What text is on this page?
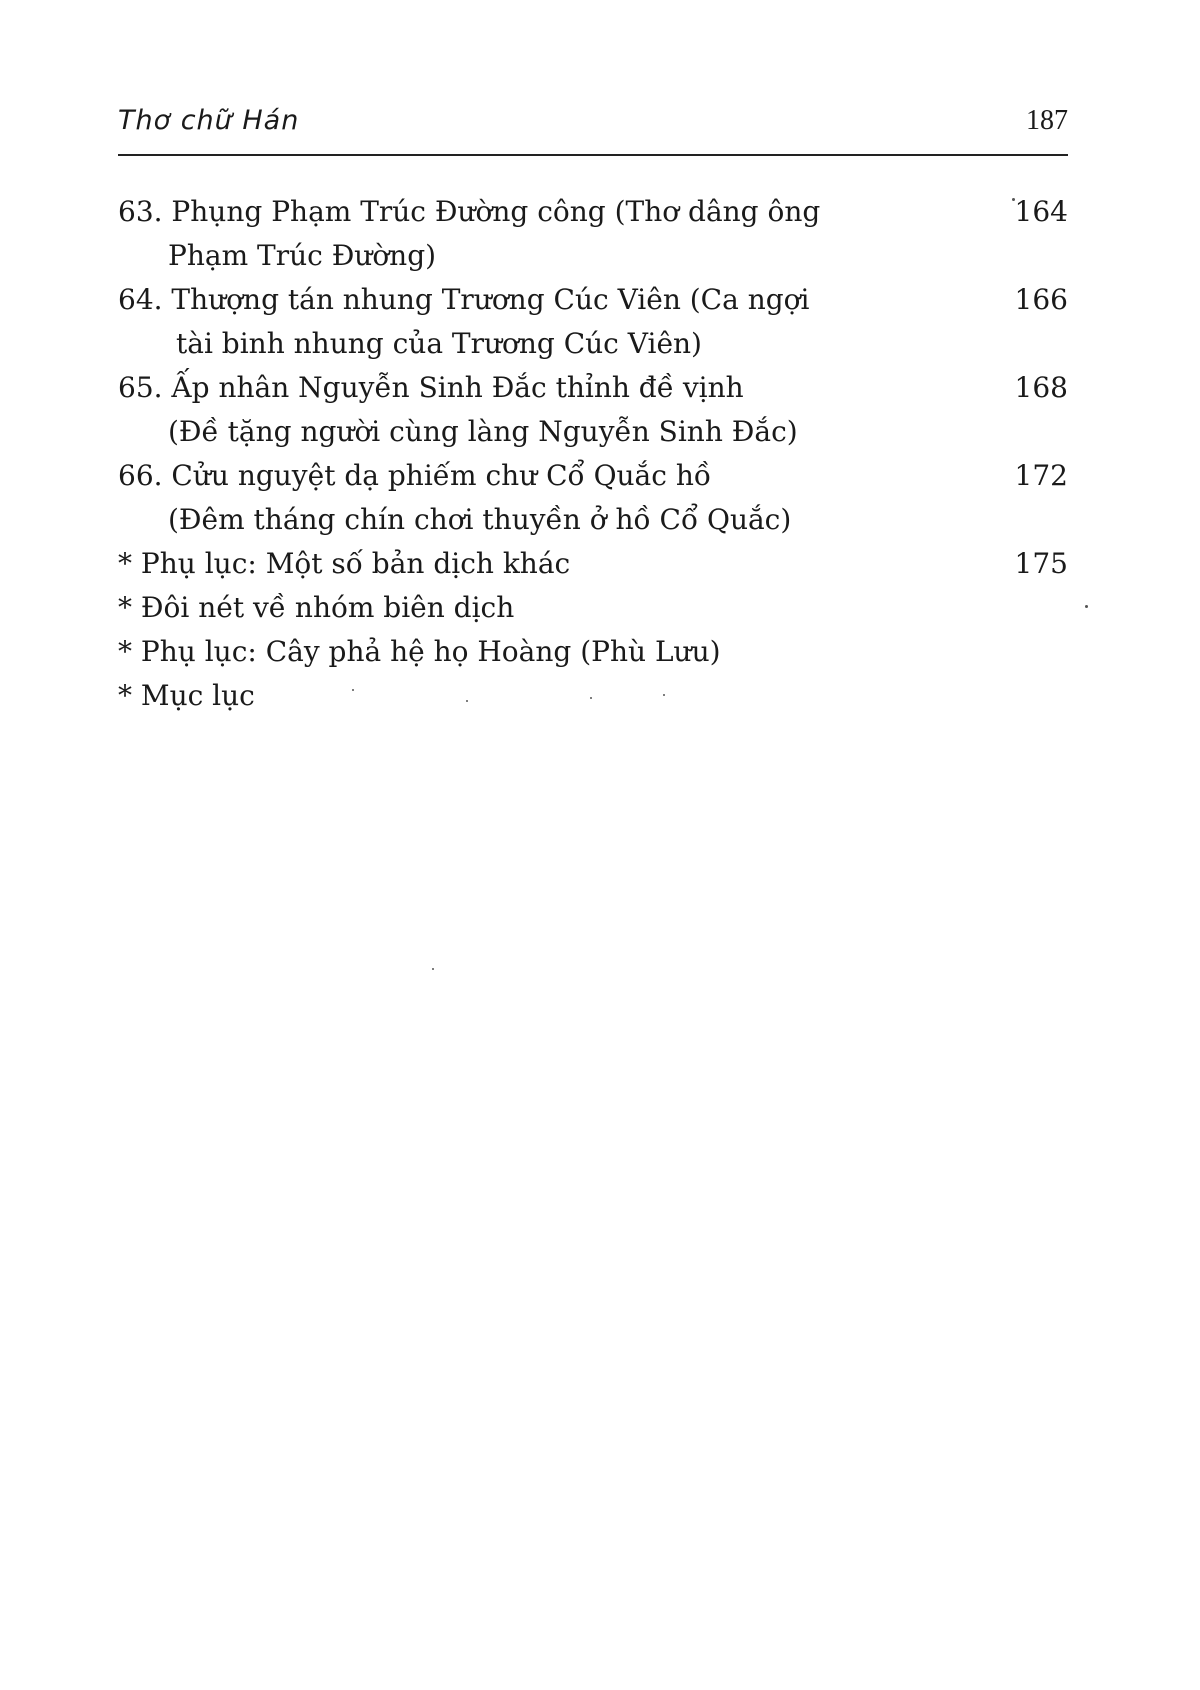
Thơ chữ Hán	187
63. Phụng Phạm Trúc Đường công (Thơ dâng ông
Phạm Trúc Đường)
164
64. Thượng tán nhung Trương Cúc Viên (Ca ngợi
tài binh nhung của Trương Cúc Viên)
166
65. Ấp nhân Nguyễn Sinh Đắc thỉnh đề vịnh
(Đề tặng người cùng làng Nguyễn Sinh Đắc)
168
66. Cửu nguyệt dạ phiếm chư Cổ Quắc hồ
(Đêm tháng chín chơi thuyền ở hồ Cổ Quắc)
172
* Phụ lục: Một số bản dịch khác	175
* Đôi nét về nhóm biên dịch
* Phụ lục: Cây phả hệ họ Hoàng (Phù Lưu)
* Mục lục
